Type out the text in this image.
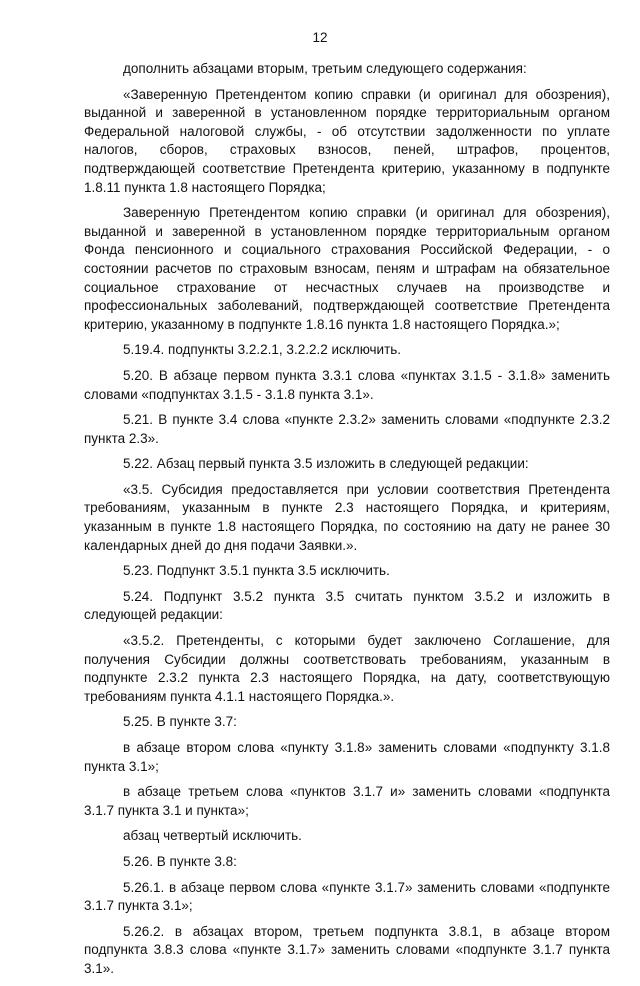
12

дополнить абзацами вторым, третьим следующего содержания:

«Заверенную Претендентом копию справки (и оригинал для обозрения), выданной и заверенной в установленном порядке территориальным органом Федеральной налоговой службы, - об отсутствии задолженности по уплате налогов, сборов, страховых взносов, пеней, штрафов, процентов, подтверждающей соответствие Претендента критерию, указанному в подпункте 1.8.11 пункта 1.8 настоящего Порядка;

Заверенную Претендентом копию справки (и оригинал для обозрения), выданной и заверенной в установленном порядке территориальным органом Фонда пенсионного и социального страхования Российской Федерации, - о состоянии расчетов по страховым взносам, пеням и штрафам на обязательное социальное страхование от несчастных случаев на производстве и профессиональных заболеваний, подтверждающей соответствие Претендента критерию, указанному в подпункте 1.8.16 пункта 1.8 настоящего Порядка.»;

5.19.4. подпункты 3.2.2.1, 3.2.2.2 исключить.

5.20. В абзаце первом пункта 3.3.1 слова «пунктах 3.1.5 - 3.1.8» заменить словами «подпунктах 3.1.5 - 3.1.8 пункта 3.1».

5.21. В пункте 3.4 слова «пункте 2.3.2» заменить словами «подпункте 2.3.2 пункта 2.3».

5.22. Абзац первый пункта 3.5 изложить в следующей редакции:

«3.5. Субсидия предоставляется при условии соответствия Претендента требованиям, указанным в пункте 2.3 настоящего Порядка, и критериям, указанным в пункте 1.8 настоящего Порядка, по состоянию на дату не ранее 30 календарных дней до дня подачи Заявки.».

5.23. Подпункт 3.5.1 пункта 3.5 исключить.

5.24. Подпункт 3.5.2 пункта 3.5 считать пунктом 3.5.2 и изложить в следующей редакции:

«3.5.2. Претенденты, с которыми будет заключено Соглашение, для получения Субсидии должны соответствовать требованиям, указанным в подпункте 2.3.2 пункта 2.3 настоящего Порядка, на дату, соответствующую требованиям пункта 4.1.1 настоящего Порядка.».

5.25. В пункте 3.7:

в абзаце втором слова «пункту 3.1.8» заменить словами «подпункту 3.1.8 пункта 3.1»;

в абзаце третьем слова «пунктов 3.1.7 и» заменить словами «подпункта 3.1.7 пункта 3.1 и пункта»;

абзац четвертый исключить.

5.26. В пункте 3.8:

5.26.1. в абзаце первом слова «пункте 3.1.7» заменить словами «подпункте 3.1.7 пункта 3.1»;

5.26.2. в абзацах втором, третьем подпункта 3.8.1, в абзаце втором подпункта 3.8.3 слова «пункте 3.1.7» заменить словами «подпункте 3.1.7 пункта 3.1».
